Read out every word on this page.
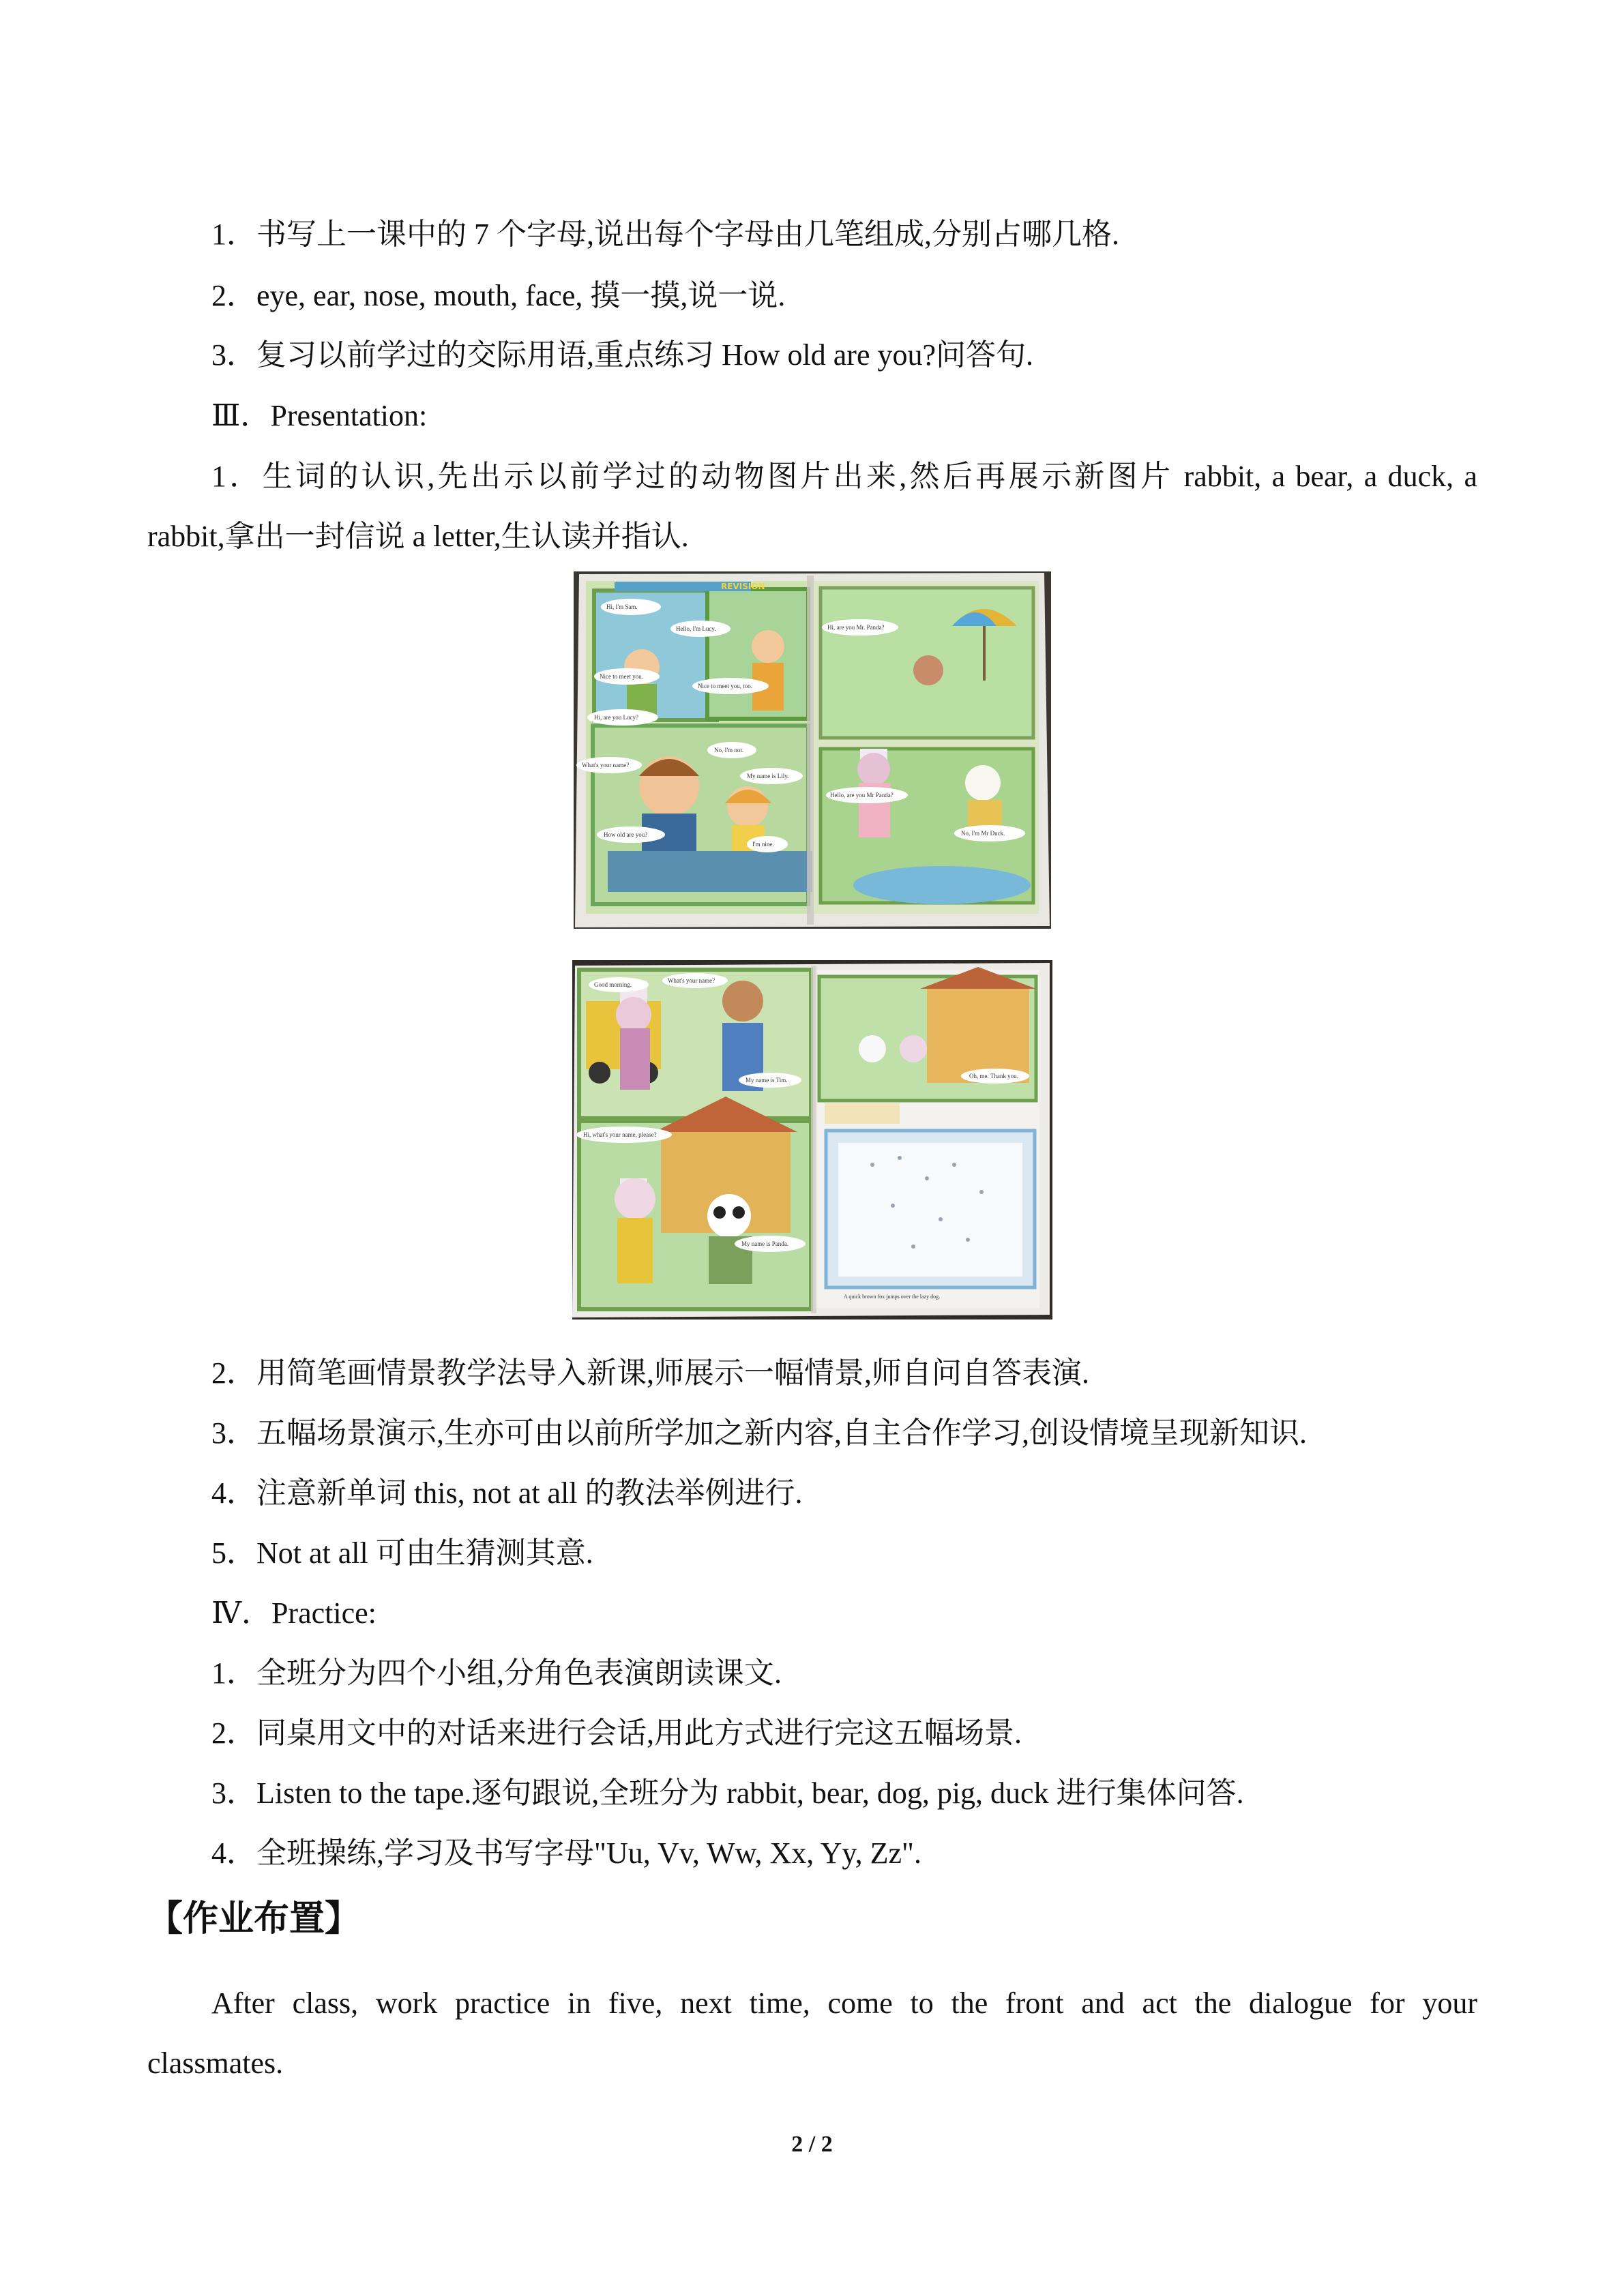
1．书写上一课中的 7 个字母,说出每个字母由几笔组成,分别占哪几格.
2．eye, ear, nose, mouth, face, 摸一摸,说一说.
3．复习以前学过的交际用语,重点练习 How old are you?问答句.
Ⅲ．Presentation:
1．生词的认识,先出示以前学过的动物图片出来,然后再展示新图片 rabbit, a bear, a duck, a
rabbit,拿出一封信说 a letter,生认读并指认.
REVISION
Hi, I'm Sam.
Hello, I'm Lucy.
Nice to meet you.
Nice to meet you, too.
Hi, are you Lucy?
No, I'm not.
What's your name?
My name is Lily.
How old are you?
I'm nine.
Hi, are you Mr. Panda?
Hello, are you Mr Panda?
No, I'm Mr Duck.
Good morning.
What's your name?
My name is Tim.
Hi, what's your name, please?
My name is Panda.
Oh, me. Thank you.
A quick brown fox jumps over the lazy dog.
2．用简笔画情景教学法导入新课,师展示一幅情景,师自问自答表演.
3．五幅场景演示,生亦可由以前所学加之新内容,自主合作学习,创设情境呈现新知识.
4．注意新单词 this, not at all 的教法举例进行.
5．Not at all 可由生猜测其意.
Ⅳ．Practice:
1．全班分为四个小组,分角色表演朗读课文.
2．同桌用文中的对话来进行会话,用此方式进行完这五幅场景.
3．Listen to the tape.逐句跟说,全班分为 rabbit, bear, dog, pig, duck 进行集体问答.
4．全班操练,学习及书写字母"Uu, Vv, Ww, Xx, Yy, Zz".
【作业布置】
After class, work practice in five, next time, come to the front and act the dialogue for your
classmates.
2 / 2
